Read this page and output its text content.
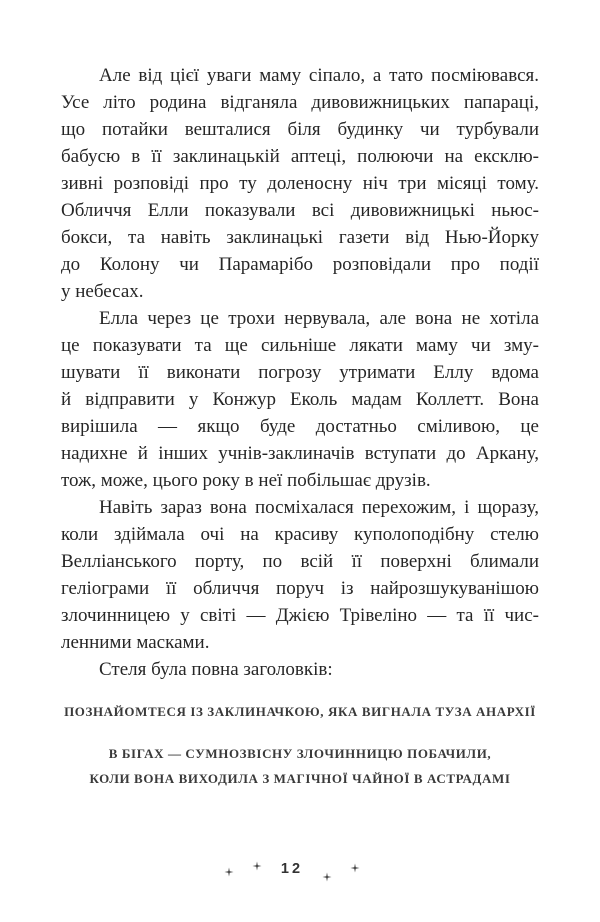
Але від цієї уваги маму сіпало, а тато посміювався.
Усе літо родина відганяла дивовижницьких папараці,
що потайки вешталися біля будинку чи турбували
бабусю в її заклинацькій аптеці, полюючи на ексклю-
зивні розповіді про ту доленосну ніч три місяці тому.
Обличчя Елли показували всі дивовижницькі ньюс-
бокси, та навіть заклинацькі газети від Нью-Йорку
до Колону чи Парамарібо розповідали про події
у небесах.
Елла через це трохи нервувала, але вона не хотіла
це показувати та ще сильніше лякати маму чи зму-
шувати її виконати погрозу утримати Еллу вдома
й відправити у Конжур Еколь мадам Коллетт. Вона
вирішила — якщо буде достатньо сміливою, це
надихне й інших учнів-заклиначів вступати до Аркану,
тож, може, цього року в неї побільшає друзів.
Навіть зараз вона посміхалася перехожим, і щоразу,
коли здіймала очі на красиву куполоподібну стелю
Велліанського порту, по всій її поверхні блимали
геліограми її обличчя поруч із найрозшукуванішою
злочинницею у світі — Джією Трівеліно — та її чис-
ленними масками.
Стеля була повна заголовків:
ПОЗНАЙОМТЕСЯ ІЗ ЗАКЛИНАЧКОЮ, ЯКА ВИГНАЛА ТУЗА АНАРХІЇ
В БІГАХ — СУМНОЗВІСНУ ЗЛОЧИННИЦЮ ПОБАЧИЛИ,
КОЛИ ВОНА ВИХОДИЛА З МАГІЧНОЇ ЧАЙНОЇ В АСТРАДАМІ
12
